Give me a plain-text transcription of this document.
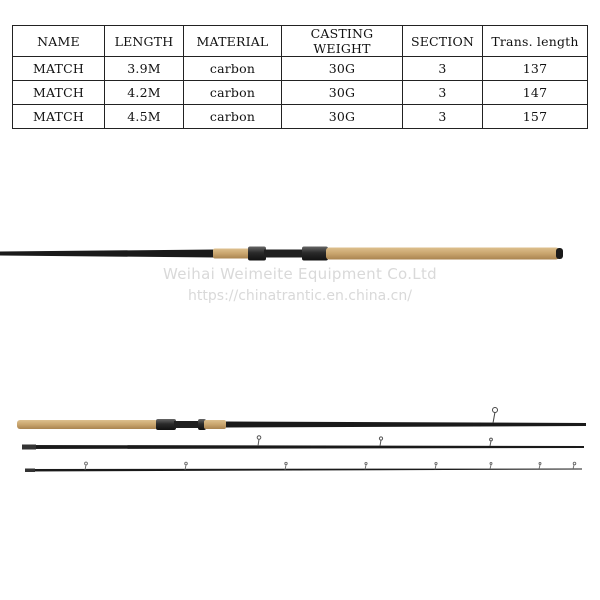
NAME	LENGTH	MATERIAL	CASTING WEIGHT	SECTION	Trans. length
MATCH	3.9M	carbon	30G	3	137
MATCH	4.2M	carbon	30G	3	147
MATCH	4.5M	carbon	30G	3	157
Weihai Weimeite Equipment Co.Ltd
https://chinatrantic.en.china.cn/
